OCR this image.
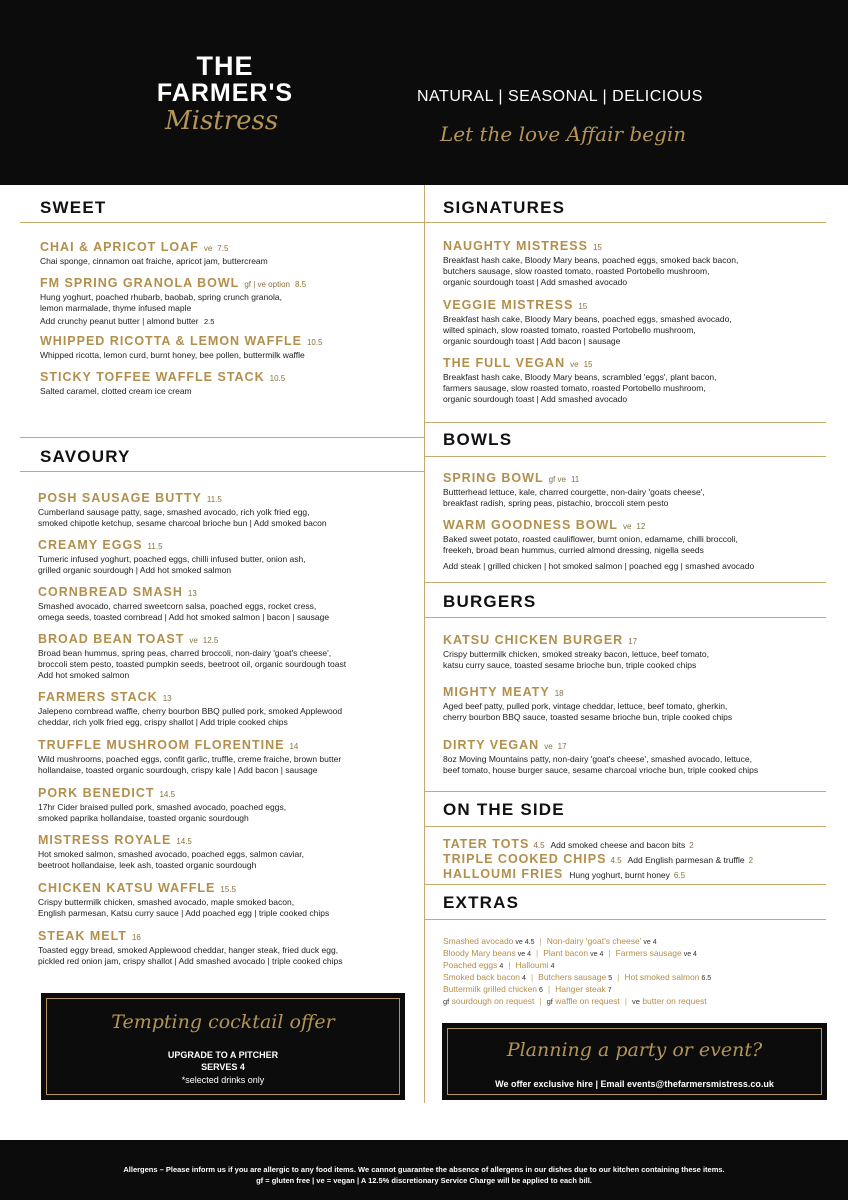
THE
FARMER'S
Mistress
NATURAL | SEASONAL | DELICIOUS
Let the love Affair begin
SWEET
CHAI & APRICOT LOAF ve 7.5
Chai sponge, cinnamon oat fraiche, apricot jam, buttercream
FM SPRING GRANOLA BOWL gf | ve option 8.5
Hung yoghurt, poached rhubarb, baobab, spring crunch granola,
lemon marmalade, thyme infused maple
Add crunchy peanut butter | almond butter 2.5
WHIPPED RICOTTA & LEMON WAFFLE 10.5
Whipped ricotta, lemon curd, burnt honey, bee pollen, buttermilk waffle
STICKY TOFFEE WAFFLE STACK 10.5
Salted caramel, clotted cream ice cream
SAVOURY
POSH SAUSAGE BUTTY 11.5
Cumberland sausage patty, sage, smashed avocado, rich yolk fried egg,
smoked chipotle ketchup, sesame charcoal brioche bun | Add smoked bacon
CREAMY EGGS 11.5
Tumeric infused yoghurt, poached eggs, chilli infused butter, onion ash,
grilled organic sourdough | Add hot smoked salmon
CORNBREAD SMASH 13
Smashed avocado, charred sweetcorn salsa, poached eggs, rocket cress,
omega seeds, toasted cornbread | Add hot smoked salmon | bacon | sausage
BROAD BEAN TOAST ve 12.5
Broad bean hummus, spring peas, charred broccoli, non-dairy 'goat's cheese',
broccoli stem pesto, toasted pumpkin seeds, beetroot oil, organic sourdough toast
Add hot smoked salmon
FARMERS STACK 13
Jalepeno cornbread waffle, cherry bourbon BBQ pulled pork, smoked Applewood
cheddar, rich yolk fried egg, crispy shallot | Add triple cooked chips
TRUFFLE MUSHROOM FLORENTINE 14
Wild mushrooms, poached eggs, confit garlic, truffle, creme fraiche, brown butter
hollandaise, toasted organic sourdough, crispy kale | Add bacon | sausage
PORK BENEDICT 14.5
17hr Cider braised pulled pork, smashed avocado, poached eggs,
smoked paprika hollandaise, toasted organic sourdough
MISTRESS ROYALE 14.5
Hot smoked salmon, smashed avocado, poached eggs, salmon caviar,
beetroot hollandaise, leek ash, toasted organic sourdough
CHICKEN KATSU WAFFLE 15.5
Crispy buttermilk chicken, smashed avocado, maple smoked bacon,
English parmesan, Katsu curry sauce | Add poached egg | triple cooked chips
STEAK MELT 16
Toasted eggy bread, smoked Applewood cheddar, hanger steak, fried duck egg,
pickled red onion jam, crispy shallot | Add smashed avocado | triple cooked chips
Tempting cocktail offer
UPGRADE TO A PITCHER
SERVES 4
*selected drinks only
SIGNATURES
NAUGHTY MISTRESS 15
Breakfast hash cake, Bloody Mary beans, poached eggs, smoked back bacon,
butchers sausage, slow roasted tomato, roasted Portobello mushroom,
organic sourdough toast | Add smashed avocado
VEGGIE MISTRESS 15
Breakfast hash cake, Bloody Mary beans, poached eggs, smashed avocado,
wilted spinach, slow roasted tomato, roasted Portobello mushroom,
organic sourdough toast | Add bacon | sausage
THE FULL VEGAN ve 15
Breakfast hash cake, Bloody Mary beans, scrambled 'eggs', plant bacon,
farmers sausage, slow roasted tomato, roasted Portobello mushroom,
organic sourdough toast | Add smashed avocado
BOWLS
SPRING BOWL gf ve 11
Buttterhead lettuce, kale, charred courgette, non-dairy 'goats cheese',
breakfast radish, spring peas, pistachio, broccoli stem pesto
WARM GOODNESS BOWL ve 12
Baked sweet potato, roasted cauliflower, burnt onion, edamame, chilli broccoli,
freekeh, broad bean hummus, curried almond dressing, nigella seeds
Add steak | grilled chicken | hot smoked salmon | poached egg | smashed avocado
BURGERS
KATSU CHICKEN BURGER 17
Crispy buttermilk chicken, smoked streaky bacon, lettuce, beef tomato,
katsu curry sauce, toasted sesame brioche bun, triple cooked chips
MIGHTY MEATY 18
Aged beef patty, pulled pork, vintage cheddar, lettuce, beef tomato, gherkin,
cherry bourbon BBQ sauce, toasted sesame brioche bun, triple cooked chips
DIRTY VEGAN ve 17
8oz Moving Mountains patty, non-dairy 'goat's cheese', smashed avocado, lettuce,
beef tomato, house burger sauce, sesame charcoal vrioche bun, triple cooked chips
ON THE SIDE
TATER TOTS 4.5 Add smoked cheese and bacon bits 2
TRIPLE COOKED CHIPS 4.5 Add English parmesan & truffle 2
HALLOUMI FRIES Hung yoghurt, burnt honey 6.5
EXTRAS
Smashed avocado ve 4.5 | Non-dairy 'goat's cheese' ve 4
Bloody Mary beans ve 4 | Plant bacon ve 4 | Farmers sausage ve 4
Poached eggs 4 | Halloumi 4
Smoked back bacon 4 | Butchers sausage 5 | Hot smoked salmon 6.5
Buttermilk grilled chicken 6 | Hanger steak 7
gf sourdough on request | gf waffle on request | ve butter on request
Planning a party or event?
We offer exclusive hire | Email events@thefarmersmistress.co.uk
Allergens – Please inform us if you are allergic to any food items. We cannot guarantee the absence of allergens in our dishes due to our kitchen containing these items.
gf = gluten free | ve = vegan | A 12.5% discretionary Service Charge will be applied to each bill.
